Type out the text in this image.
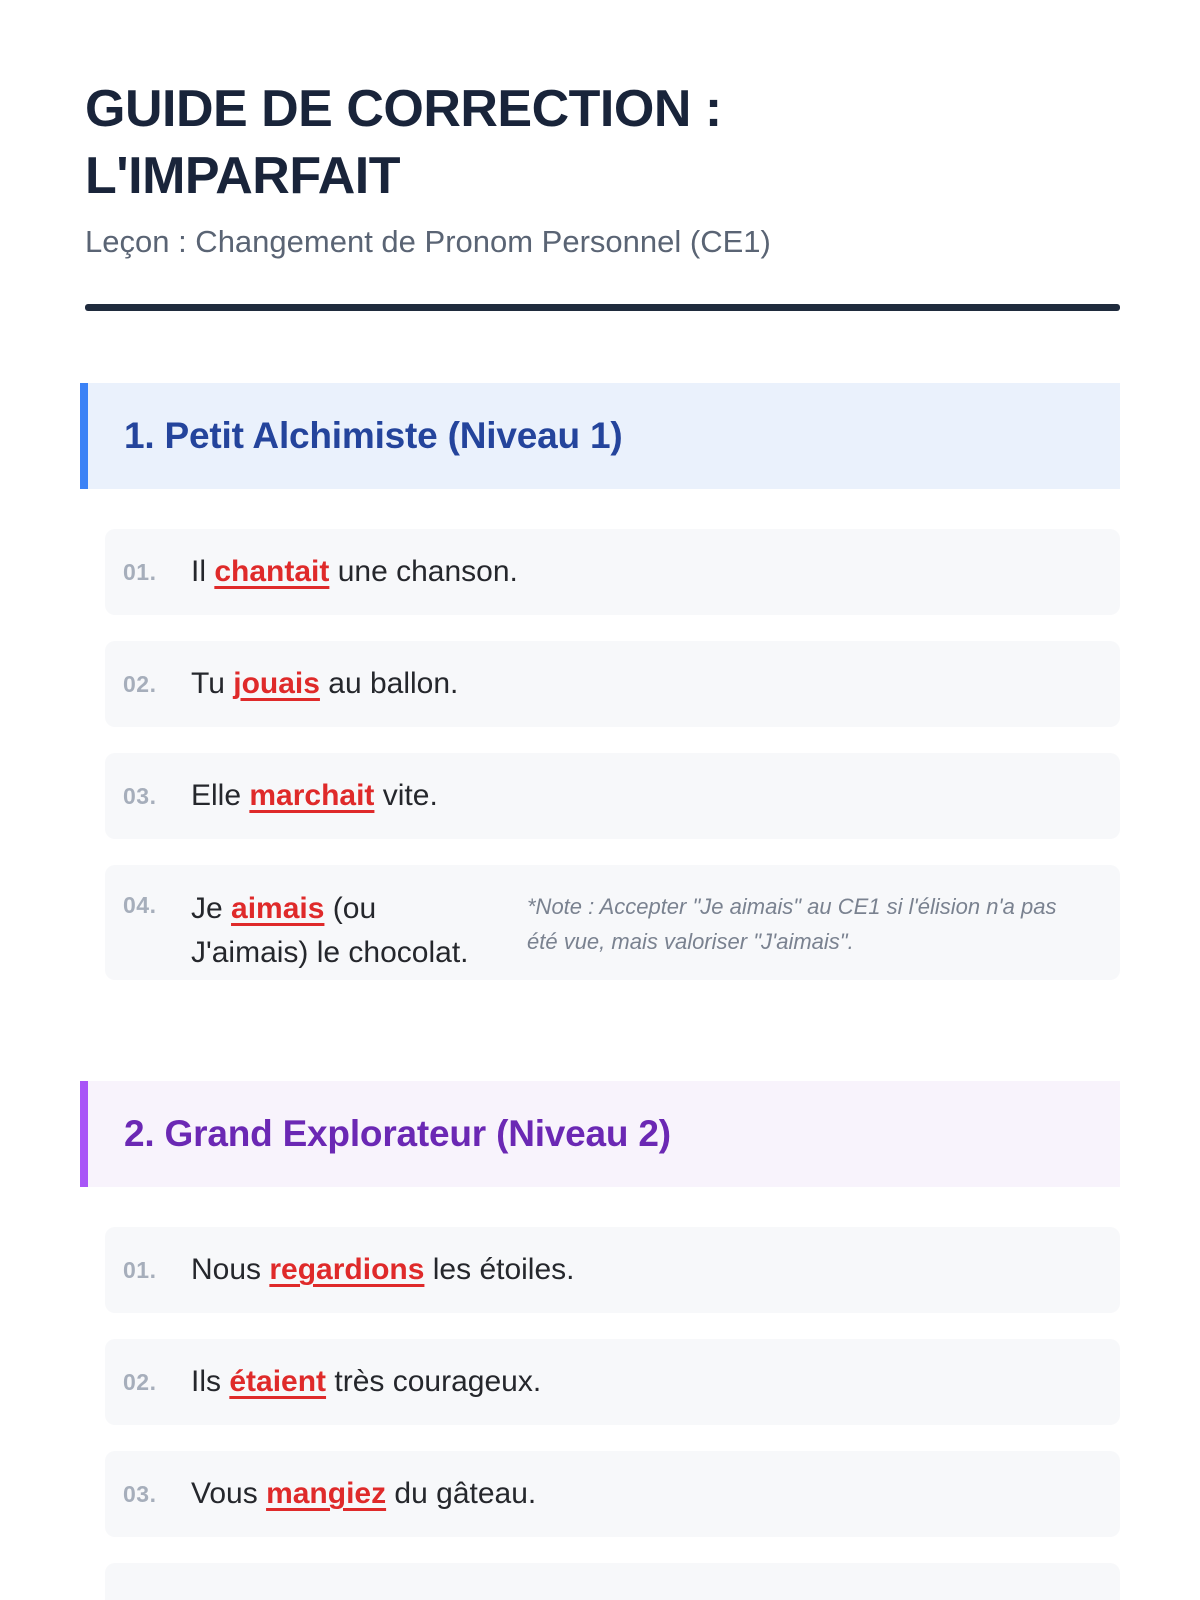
GUIDE DE CORRECTION :
L'IMPARFAIT

Leçon : Changement de Pronom Personnel (CE1)

1. Petit Alchimiste (Niveau 1)
01.	Il chantait une chanson.

02.	Tu jouais au ballon.

03.	Elle marchait vite.

04.	Je aimais (ou J'aimais) le chocolat.

*Note : Accepter "Je aimais" au CE1 si l'élision n'a pas été vue, mais valoriser "J'aimais".

2. Grand Explorateur (Niveau 2)
01.	Nous regardions les étoiles.

02.	Ils étaient très courageux.

03.	Vous mangiez du gâteau.
